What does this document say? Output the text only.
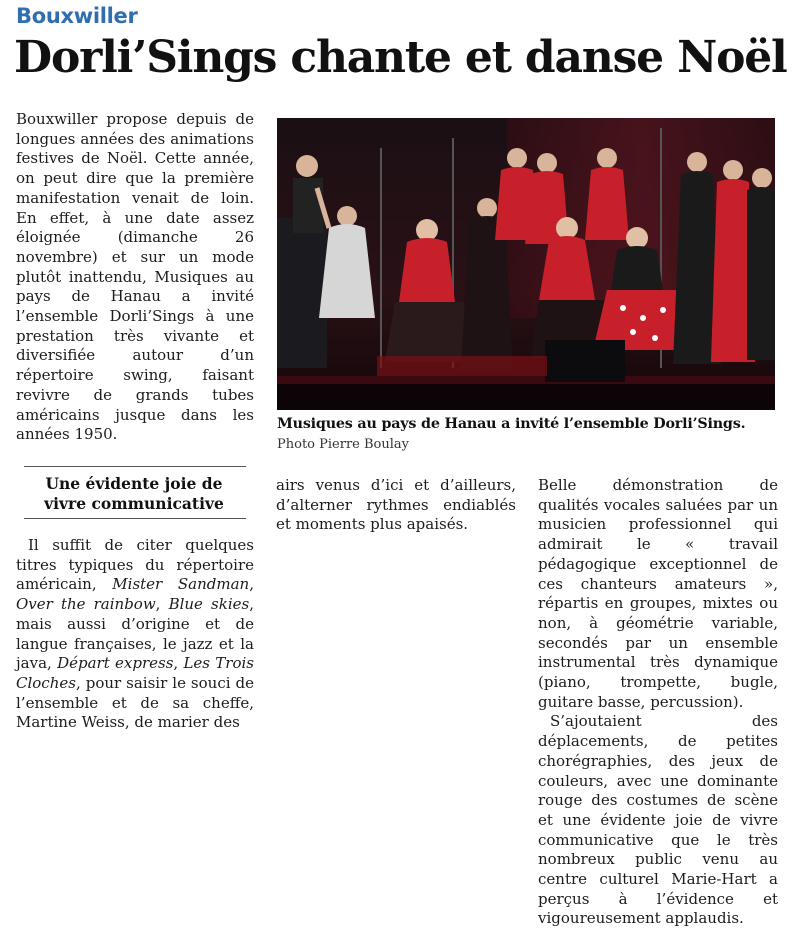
Bouxwiller
Dorli’Sings chante et danse Noël

Bouxwiller propose depuis de longues années des animations festives de Noël. Cette année, on peut dire que la première manifestation venait de loin. En effet, à une date assez éloignée (dimanche 26 novembre) et sur un mode plutôt inattendu, Musiques au pays de Hanau a invité l’ensemble Dorli’Sings à une prestation très vivante et diversifiée autour d’un répertoire swing, faisant revivre de grands tubes américains jusque dans les années 1950.

Une évidente joie de vivre communicative
Musiques au pays de Hanau a invité l’ensemble Dorli’Sings.
Photo Pierre Boulay

Il suffit de citer quelques titres typiques du répertoire américain, Mister Sandman, Over the rainbow, Blue skies, mais aussi d’origine et de langue françaises, le jazz et la java, Départ express, Les Trois Cloches, pour saisir le souci de l’ensemble et de sa cheffe, Martine Weiss, de marier des

airs venus d’ici et d’ailleurs, d’alterner rythmes endiablés et moments plus apaisés.

Belle démonstration de qualités vocales saluées par un musicien professionnel qui admirait le « travail pédagogique exceptionnel de ces chanteurs amateurs », répartis en groupes, mixtes ou non, à géométrie variable, secondés par un ensemble instrumental très dynamique (piano, trompette, bugle, guitare basse, percussion).

S’ajoutaient des déplacements, de petites chorégraphies, des jeux de couleurs, avec une dominante rouge des costumes de scène et une évidente joie de vivre communicative que le très nombreux public venu au centre culturel Marie-Hart a perçus à l’évidence et vigoureusement applaudis.
